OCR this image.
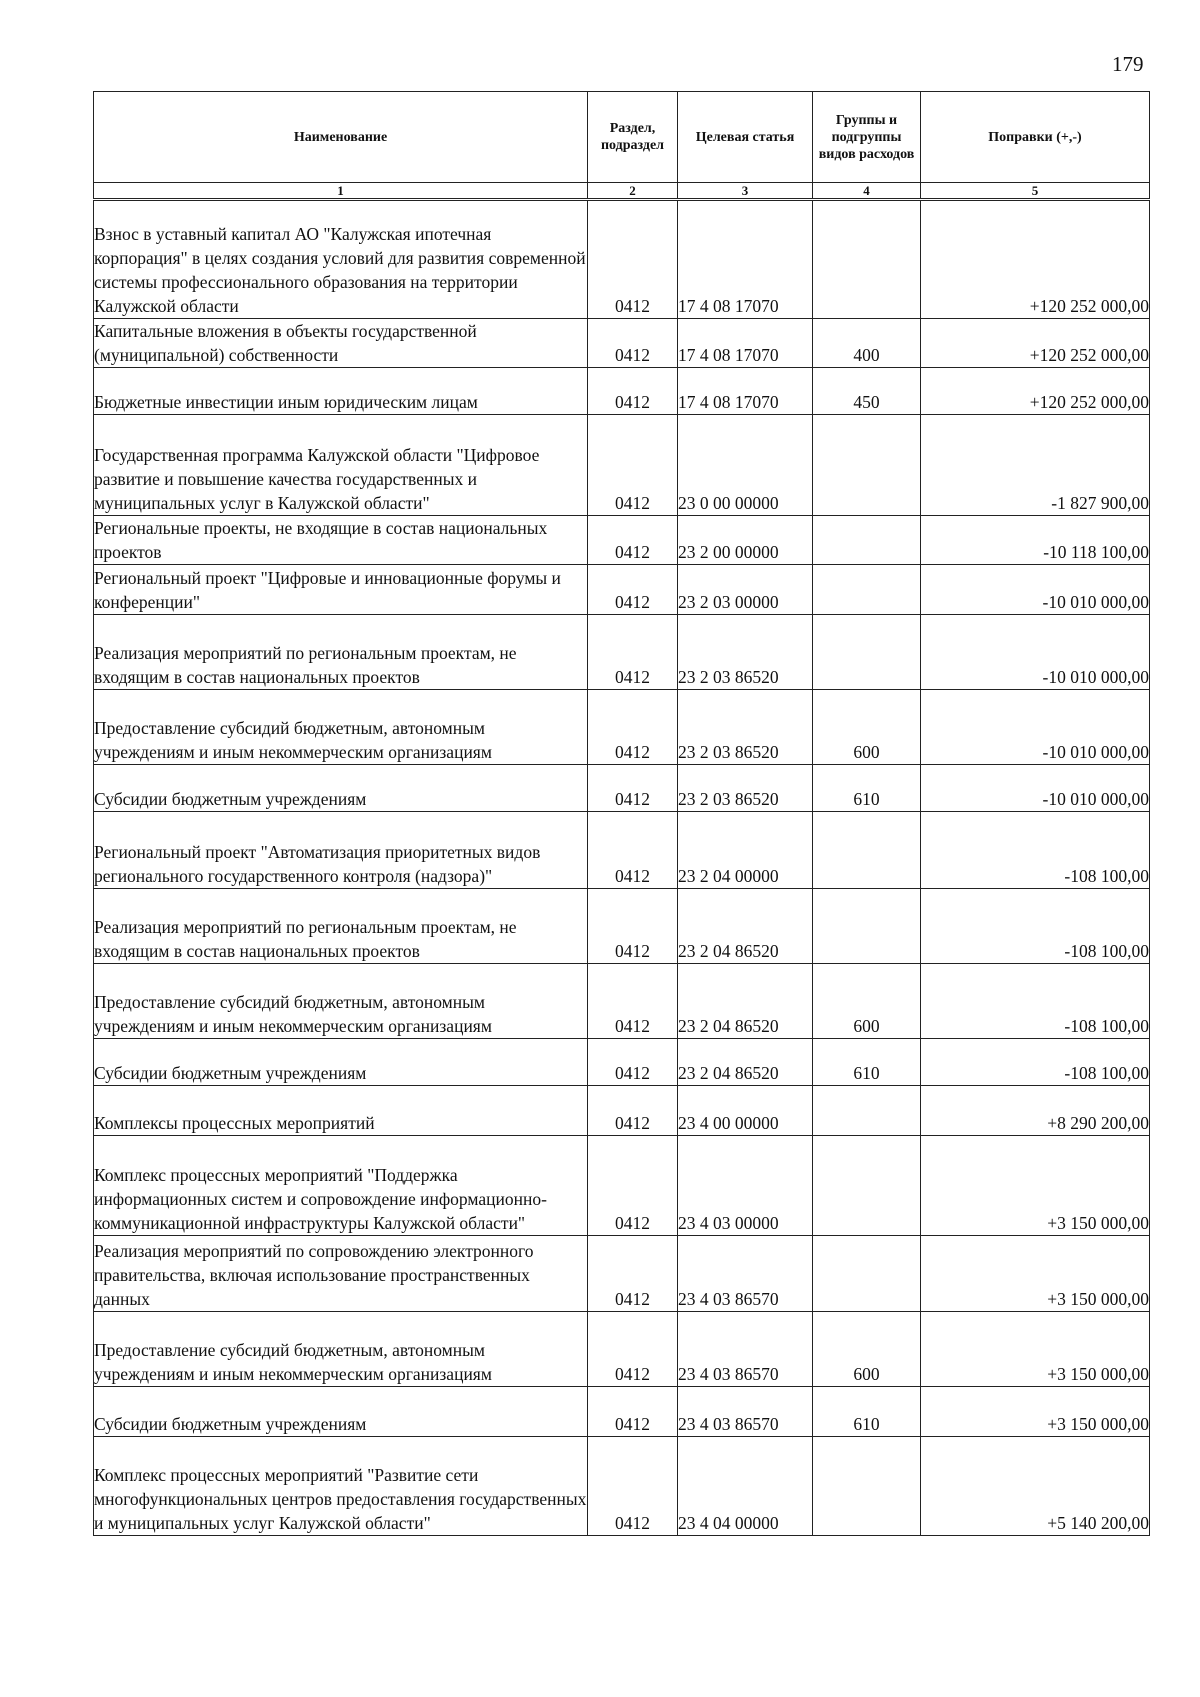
179
Наименование	Раздел, подраздел	Целевая статья	Группы и подгруппы видов расходов	Поправки (+,-)
1	2	3	4	5
Взнос в уставный капитал АО "Калужская ипотечная корпорация" в целях создания условий для развития современной системы профессионального образования на территории Калужской области	0412	17 4 08 17070		+120 252 000,00
Капитальные вложения в объекты государственной (муниципальной) собственности	0412	17 4 08 17070	400	+120 252 000,00
Бюджетные инвестиции иным юридическим лицам	0412	17 4 08 17070	450	+120 252 000,00
Государственная программа Калужской области "Цифровое развитие и повышение качества государственных и муниципальных услуг в Калужской области"	0412	23 0 00 00000		-1 827 900,00
Региональные проекты, не входящие в состав национальных проектов	0412	23 2 00 00000		-10 118 100,00
Региональный проект "Цифровые и инновационные форумы и конференции"	0412	23 2 03 00000		-10 010 000,00
Реализация мероприятий по региональным проектам, не входящим в состав национальных проектов	0412	23 2 03 86520		-10 010 000,00
Предоставление субсидий бюджетным, автономным учреждениям и иным некоммерческим организациям	0412	23 2 03 86520	600	-10 010 000,00
Субсидии бюджетным учреждениям	0412	23 2 03 86520	610	-10 010 000,00
Региональный проект "Автоматизация приоритетных видов регионального государственного контроля (надзора)"	0412	23 2 04 00000		-108 100,00
Реализация мероприятий по региональным проектам, не входящим в состав национальных проектов	0412	23 2 04 86520		-108 100,00
Предоставление субсидий бюджетным, автономным учреждениям и иным некоммерческим организациям	0412	23 2 04 86520	600	-108 100,00
Субсидии бюджетным учреждениям	0412	23 2 04 86520	610	-108 100,00
Комплексы процессных мероприятий	0412	23 4 00 00000		+8 290 200,00
Комплекс процессных мероприятий "Поддержка информационных систем и сопровождение информационно-коммуникационной инфраструктуры Калужской области"	0412	23 4 03 00000		+3 150 000,00
Реализация мероприятий по сопровождению электронного правительства, включая использование пространственных данных	0412	23 4 03 86570		+3 150 000,00
Предоставление субсидий бюджетным, автономным учреждениям и иным некоммерческим организациям	0412	23 4 03 86570	600	+3 150 000,00
Субсидии бюджетным учреждениям	0412	23 4 03 86570	610	+3 150 000,00
Комплекс процессных мероприятий "Развитие сети многофункциональных центров предоставления государственных и муниципальных услуг Калужской области"	0412	23 4 04 00000		+5 140 200,00
